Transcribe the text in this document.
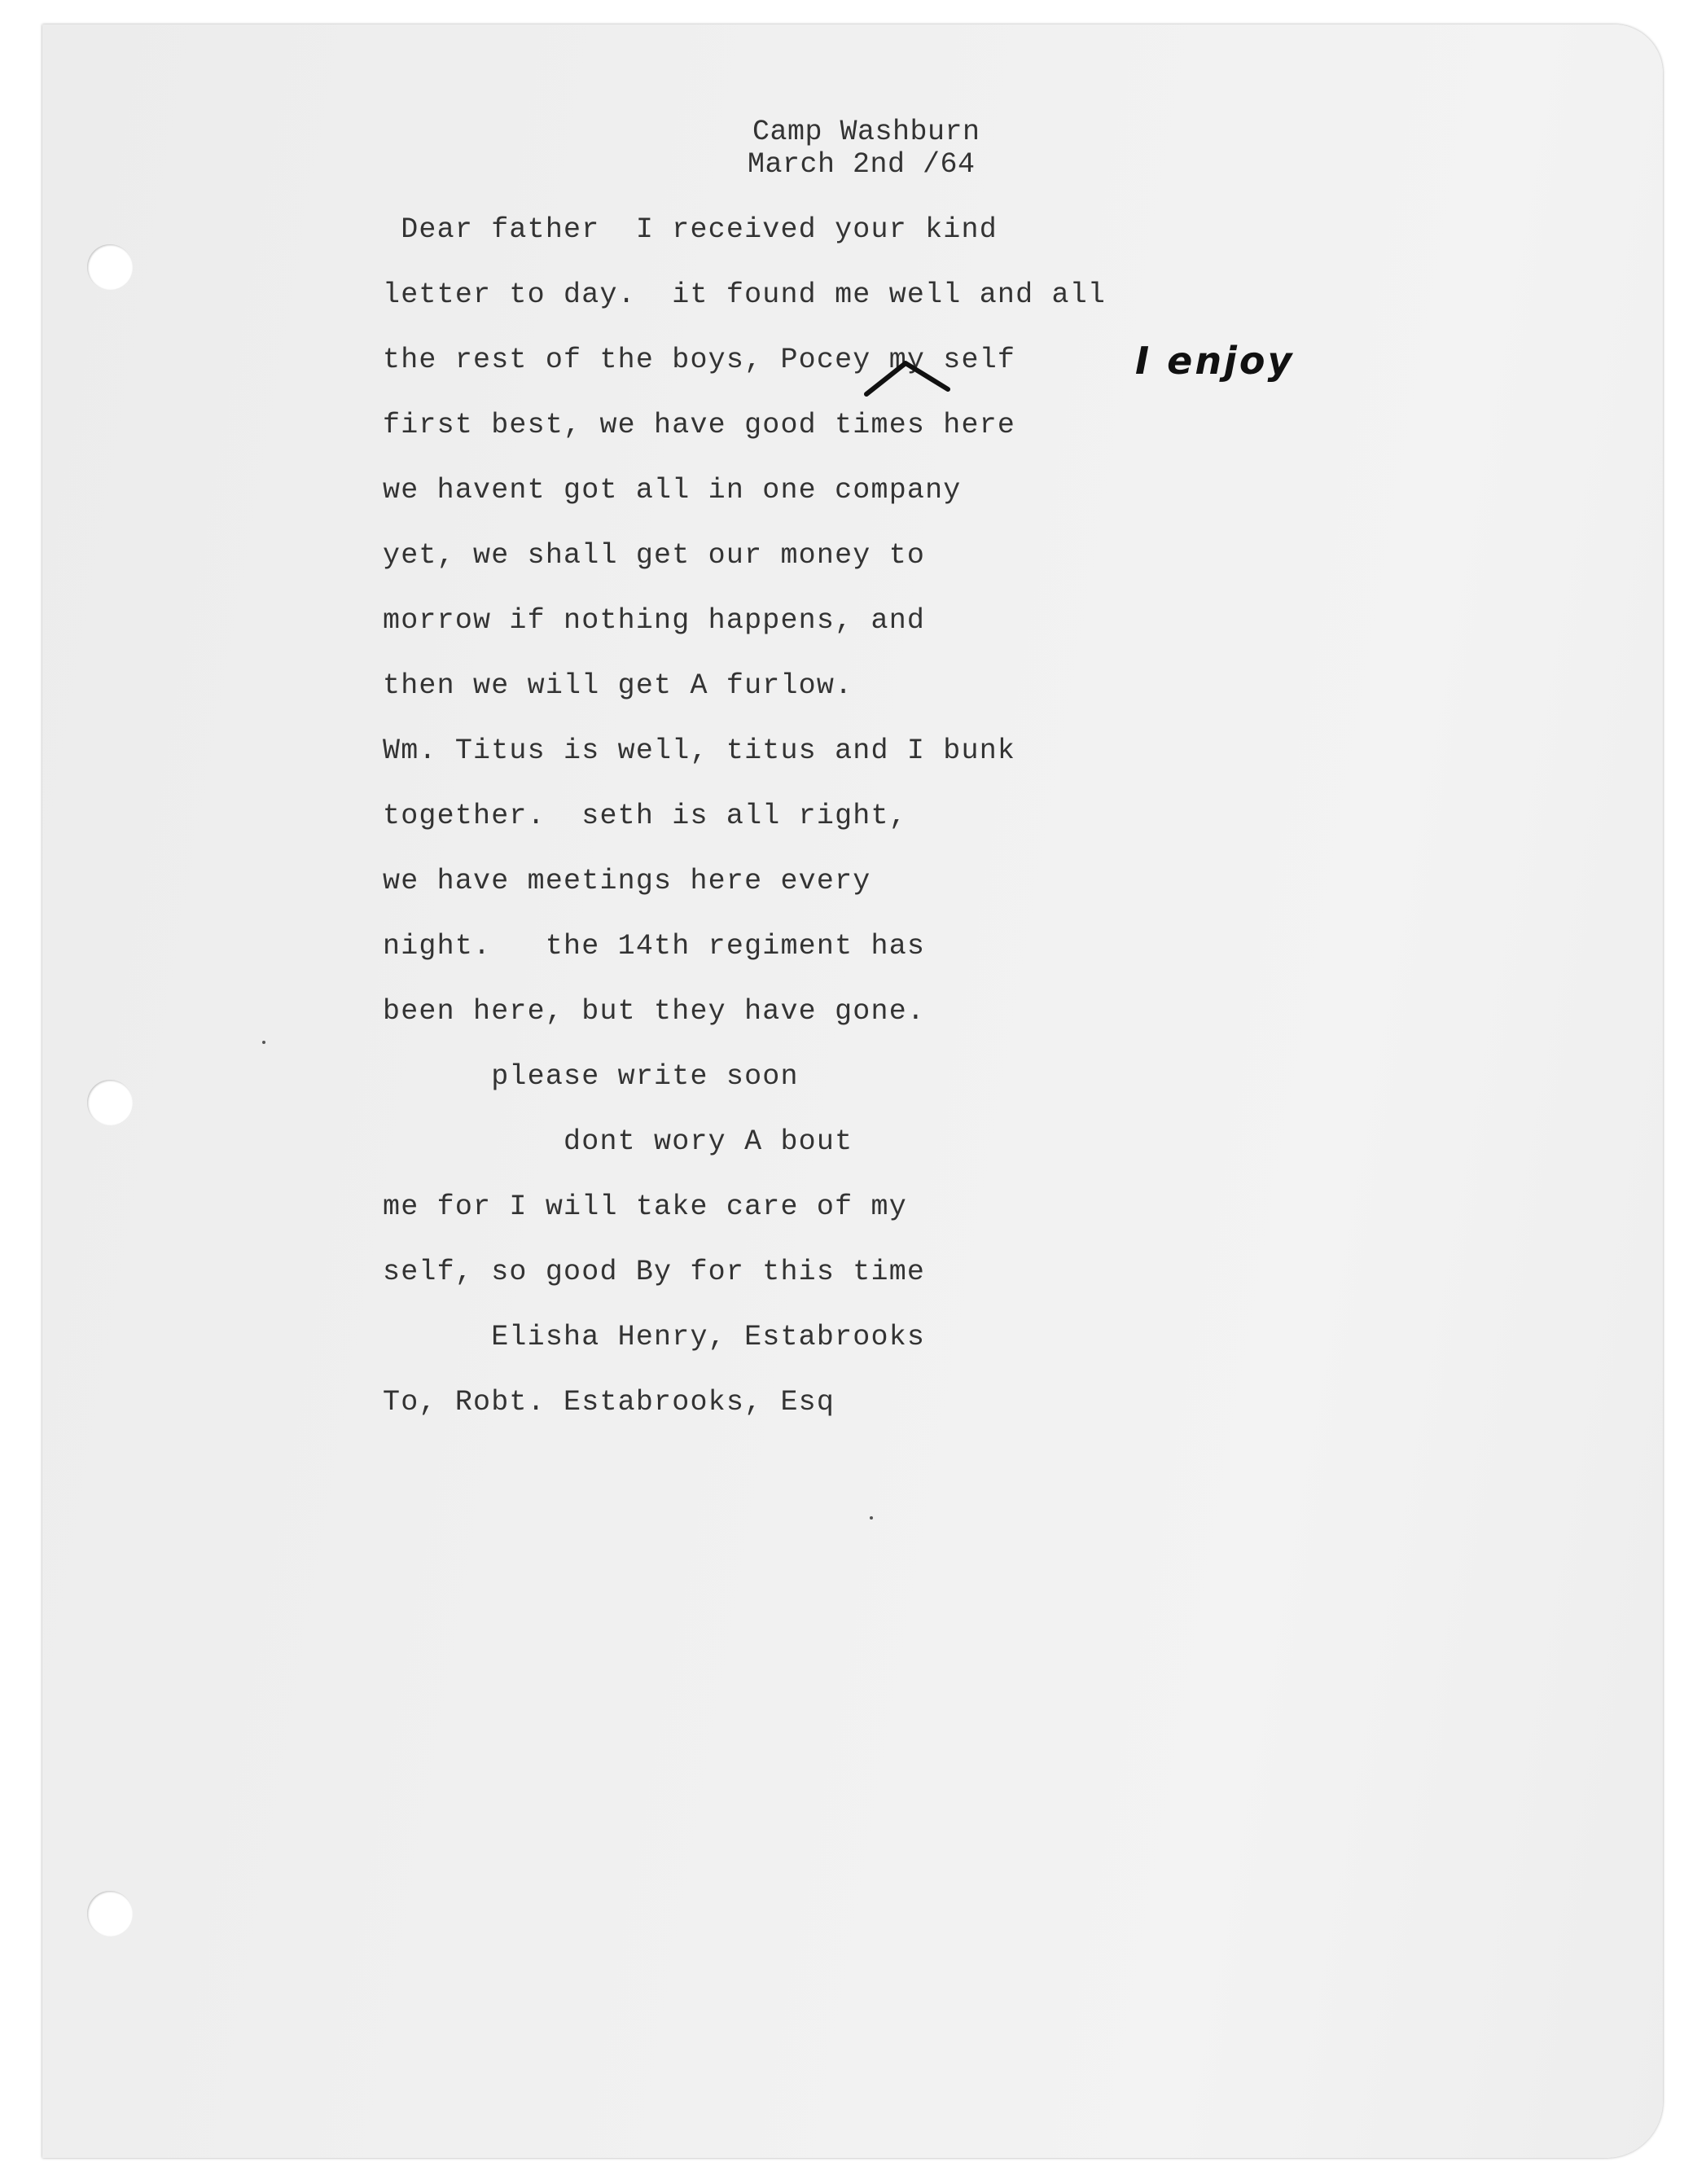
Camp Washburn
March 2nd /64
Dear father  I received your kind
letter to day.  it found me well and all
the rest of the boys, Pocey my self
first best, we have good times here
we havent got all in one company
yet, we shall get our money to
morrow if nothing happens, and
then we will get A furlow.
Wm. Titus is well, titus and I bunk
together.  seth is all right,
we have meetings here every
night.   the 14th regiment has
been here, but they have gone.
please write soon
dont wory A bout
me for I will take care of my
self, so good By for this time
Elisha Henry, Estabrooks
To, Robt. Estabrooks, Esq
I enjoy
